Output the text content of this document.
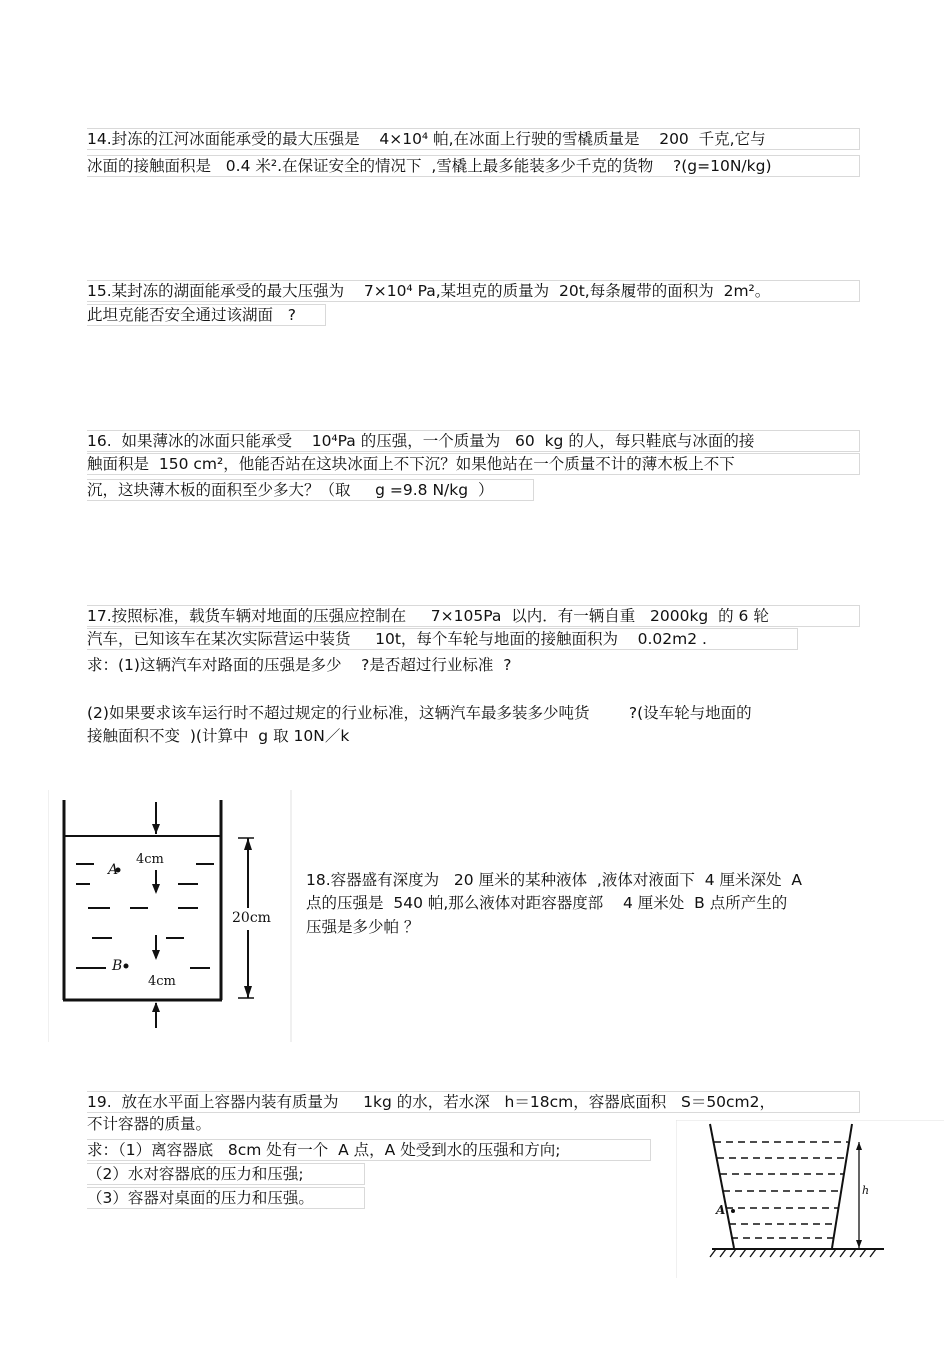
14.封冻的江河冰面能承受的最大压强是    4×10⁴ 帕,在冰面上行驶的雪橇质量是    200  千克,它与
冰面的接触面积是   0.4 米².在保证安全的情况下  ,雪橇上最多能装多少千克的货物    ?(g=10N/kg)
15.某封冻的湖面能承受的最大压强为    7×10⁴ Pa,某坦克的质量为  20t,每条履带的面积为  2m²。
此坦克能否安全通过该湖面   ?
16.  如果薄冰的冰面只能承受    10⁴Pa 的压强，一个质量为   60  kg 的人，每只鞋底与冰面的接
触面积是  150 cm²，他能否站在这块冰面上不下沉？如果他站在一个质量不计的薄木板上不下
沉，这块薄木板的面积至少多大？（取     g =9.8 N/kg  ）
17.按照标准，载货车辆对地面的压强应控制在     7×105Pa  以内．有一辆自重   2000kg  的 6 轮
汽车，已知该车在某次实际营运中装货     10t，每个车轮与地面的接触面积为    0.02m2 .
求：(1)这辆汽车对路面的压强是多少    ?是否超过行业标准  ?
(2)如果要求该车运行时不超过规定的行业标准，这辆汽车最多装多少吨货        ?(设车轮与地面的
接触面积不变  )(计算中  g 取 10N／k
A
4cm
B
4cm
20cm
18.容器盛有深度为   20 厘米的某种液体  ,液体对液面下  4 厘米深处  A
点的压强是  540 帕,那么液体对距容器度部    4 厘米处  B 点所产生的
压强是多少帕 ？
19.  放在水平面上容器内装有质量为     1kg 的水，若水深   h＝18cm，容器底面积   S＝50cm2，
不计容器的质量。
求：（1）离容器底   8cm 处有一个  A 点，A 处受到水的压强和方向;
（2）水对容器底的压力和压强;
（3）容器对桌面的压力和压强。
A
h
